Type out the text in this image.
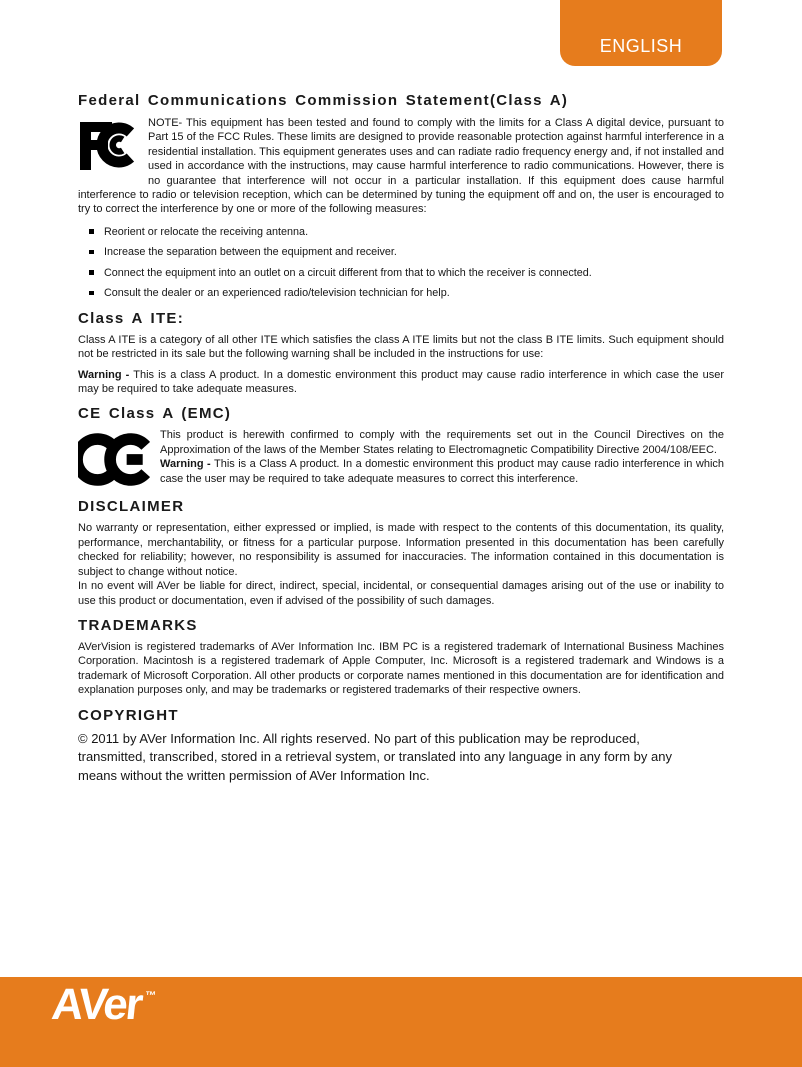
ENGLISH
Federal Communications Commission Statement(Class A)

NOTE- This equipment has been tested and found to comply with the limits for a Class A digital device, pursuant to Part 15 of the FCC Rules. These limits are designed to provide reasonable protection against harmful interference in a residential installation. This equipment generates uses and can radiate radio frequency energy and, if not installed and used in accordance with the instructions, may cause harmful interference to radio communications. However, there is no guarantee that interference will not occur in a particular installation. If this equipment does cause harmful interference to radio or television reception, which can be determined by tuning the equipment off and on, the user is encouraged to try to correct the interference by one or more of the following measures:

Reorient or relocate the receiving antenna.
Increase the separation between the equipment and receiver.
Connect the equipment into an outlet on a circuit different from that to which the receiver is connected.
Consult the dealer or an experienced radio/television technician for help.
Class A ITE:

Class A ITE is a category of all other ITE which satisfies the class A ITE limits but not the class B ITE limits. Such equipment should not be restricted in its sale but the following warning shall be included in the instructions for use:

Warning - This is a class A product. In a domestic environment this product may cause radio interference in which case the user may be required to take adequate measures.

CE Class A (EMC)

This product is herewith confirmed to comply with the requirements set out in the Council Directives on the Approximation of the laws of the Member States relating to Electromagnetic Compatibility Directive 2004/108/EEC.
Warning - This is a Class A product. In a domestic environment this product may cause radio interference in which case the user may be required to take adequate measures to correct this interference.

DISCLAIMER

No warranty or representation, either expressed or implied, is made with respect to the contents of this documentation, its quality, performance, merchantability, or fitness for a particular purpose. Information presented in this documentation has been carefully checked for reliability; however, no responsibility is assumed for inaccuracies. The information contained in this documentation is subject to change without notice.

In no event will AVer be liable for direct, indirect, special, incidental, or consequential damages arising out of the use or inability to use this product or documentation, even if advised of the possibility of such damages.

TRADEMARKS

AVerVision is registered trademarks of AVer Information Inc. IBM PC is a registered trademark of International Business Machines Corporation. Macintosh is a registered trademark of Apple Computer, Inc. Microsoft is a registered trademark and Windows is a trademark of Microsoft Corporation. All other products or corporate names mentioned in this documentation are for identification and explanation purposes only, and may be trademarks or registered trademarks of their respective owners.

COPYRIGHT

© 2011 by AVer Information Inc. All rights reserved. No part of this publication may be reproduced, transmitted, transcribed, stored in a retrieval system, or translated into any language in any form by any means without the written permission of AVer Information Inc.

AVer™
